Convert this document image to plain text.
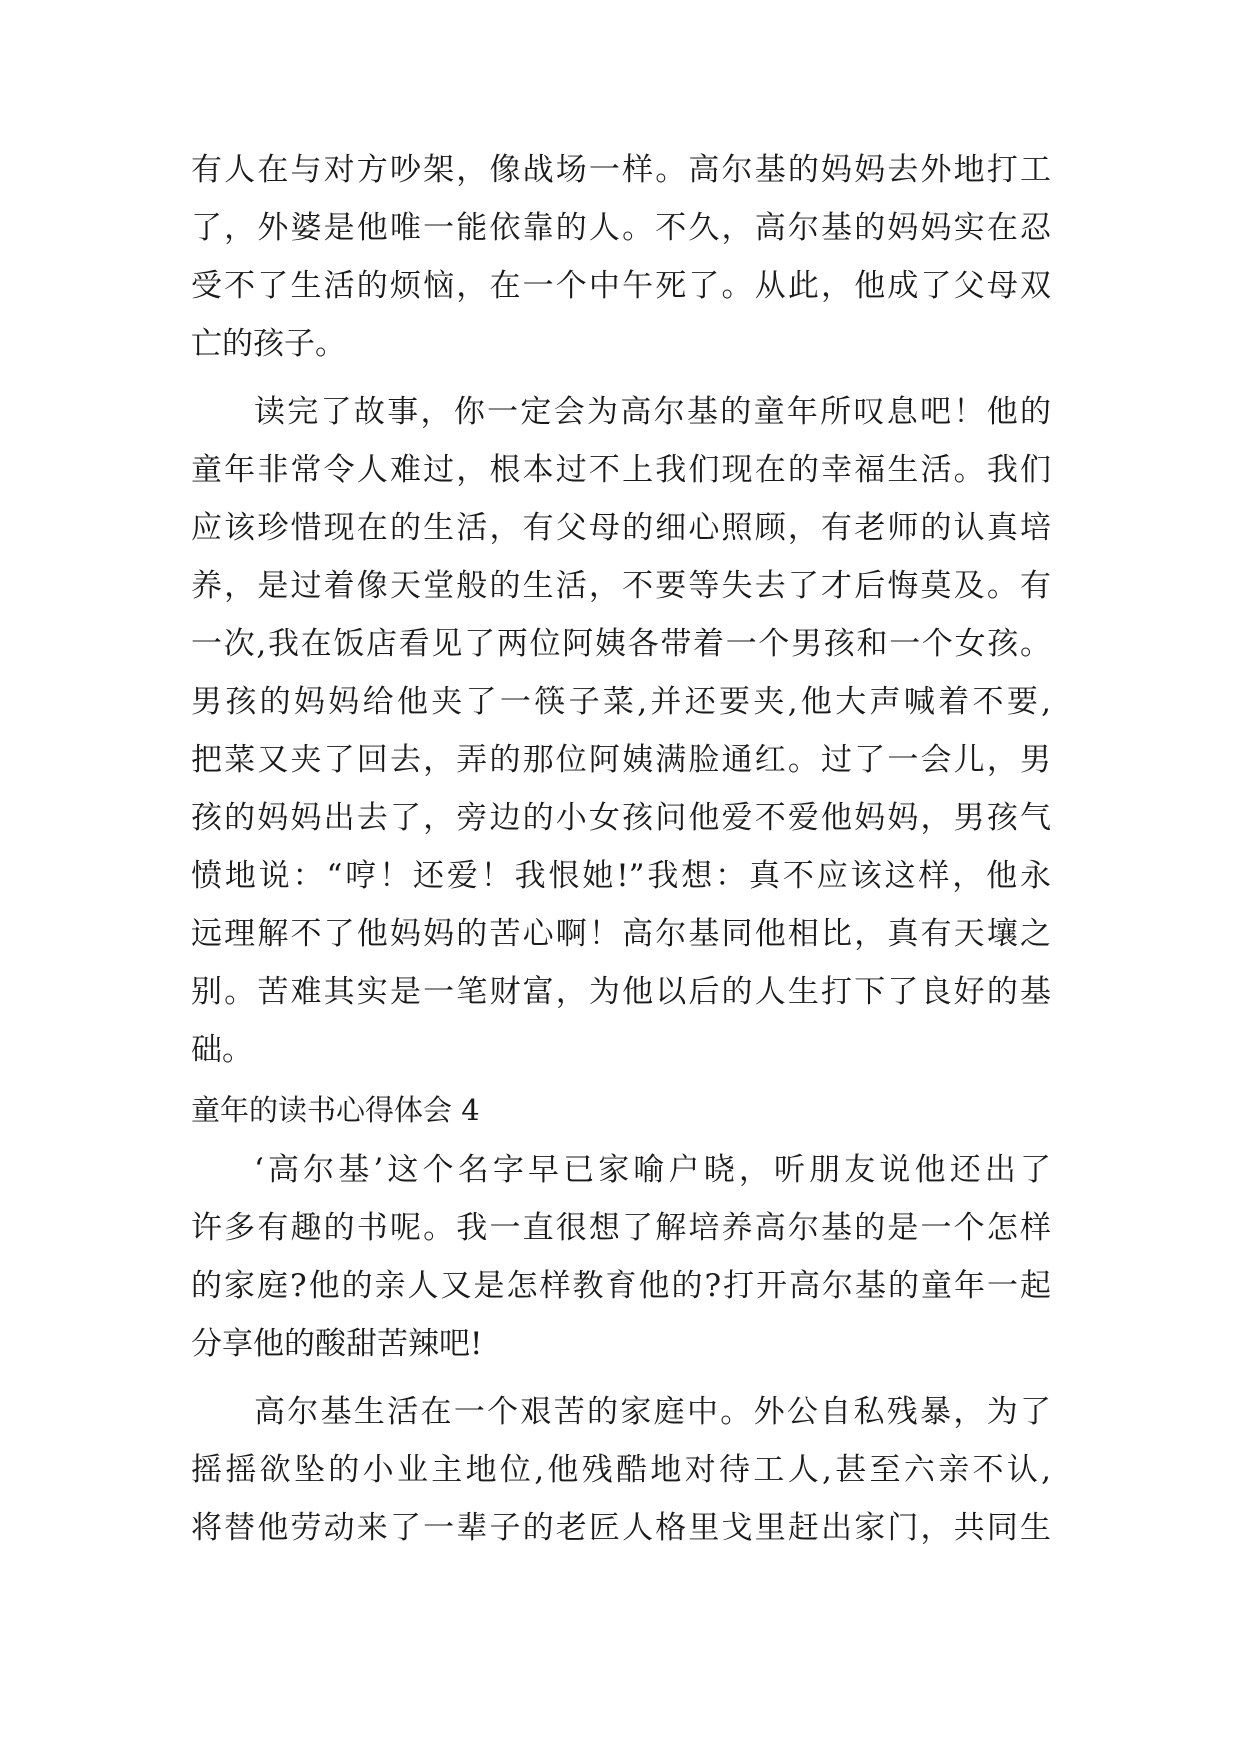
有人在与对方吵架，像战场一样。高尔基的妈妈去外地打工
了，外婆是他唯一能依靠的人。不久，高尔基的妈妈实在忍
受不了生活的烦恼，在一个中午死了。从此，他成了父母双
亡的孩子。
读完了故事，你一定会为高尔基的童年所叹息吧！他的
童年非常令人难过，根本过不上我们现在的幸福生活。我们
应该珍惜现在的生活，有父母的细心照顾，有老师的认真培
养，是过着像天堂般的生活，不要等失去了才后悔莫及。有
一次,我在饭店看见了两位阿姨各带着一个男孩和一个女孩。
男孩的妈妈给他夹了一筷子菜,并还要夹,他大声喊着不要,
把菜又夹了回去，弄的那位阿姨满脸通红。过了一会儿，男
孩的妈妈出去了，旁边的小女孩问他爱不爱他妈妈，男孩气
愤地说：“哼！还爱！我恨她!”我想：真不应该这样，他永
远理解不了他妈妈的苦心啊！高尔基同他相比，真有天壤之
别。苦难其实是一笔财富，为他以后的人生打下了良好的基
础。
童年的读书心得体会 4
‘高尔基’这个名字早已家喻户晓，听朋友说他还出了
许多有趣的书呢。我一直很想了解培养高尔基的是一个怎样
的家庭?他的亲人又是怎样教育他的?打开高尔基的童年一起
分享他的酸甜苦辣吧!
高尔基生活在一个艰苦的家庭中。外公自私残暴，为了
摇摇欲坠的小业主地位,他残酷地对待工人,甚至六亲不认,
将替他劳动来了一辈子的老匠人格里戈里赶出家门，共同生
